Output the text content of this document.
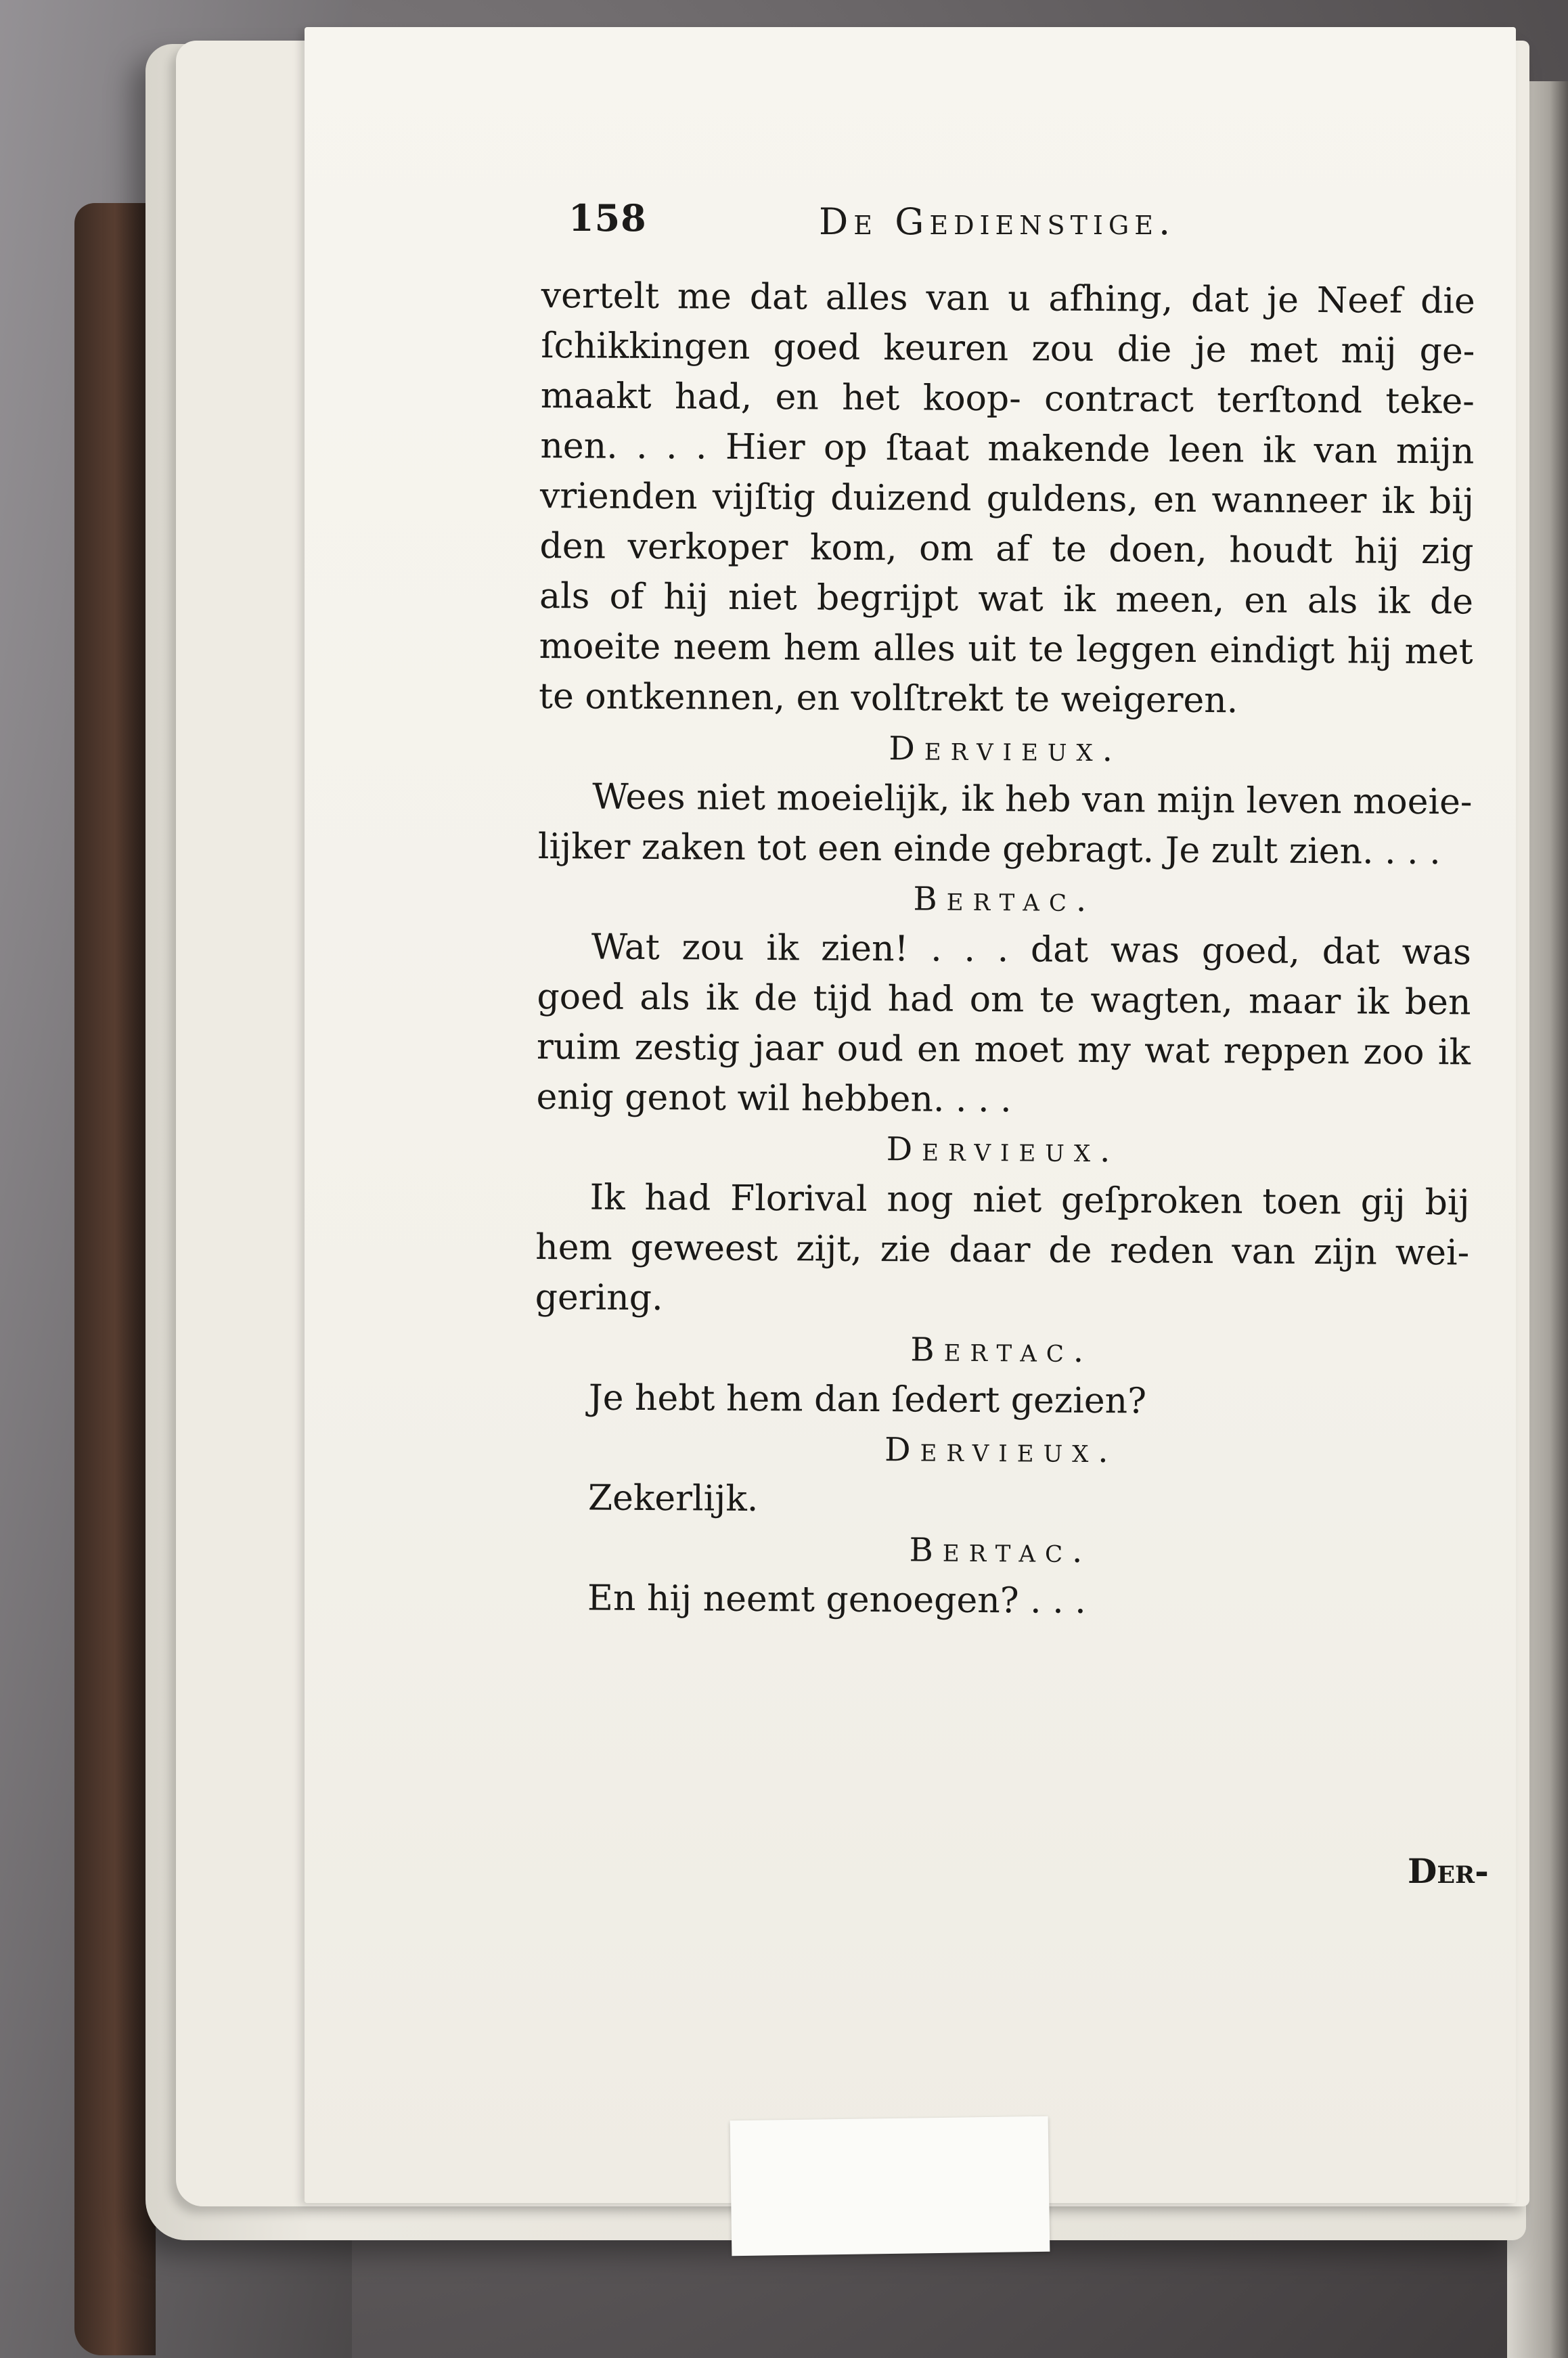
158	De Gedienstige.
vertelt me dat alles van u afhing, dat je Neef die
ſchikkingen goed keuren zou die je met mij ge-
maakt had, en het koop- contract terſtond teke-
nen. . . . Hier op ſtaat makende leen ik van mijn
vrienden vijſtig duizend guldens, en wanneer ik bij
den verkoper kom, om af te doen, houdt hij zig
als of hij niet begrijpt wat ik meen, en als ik de
moeite neem hem alles uit te leggen eindigt hij met
te ontkennen, en volſtrekt te weigeren.
Dervieux.
Wees niet moeielijk, ik heb van mijn leven moeie-
lijker zaken tot een einde gebragt. Je zult zien. . . .
Bertac.
Wat zou ik zien! . . . dat was goed, dat was
goed als ik de tijd had om te wagten, maar ik ben
ruim zestig jaar oud en moet my wat reppen zoo ik
enig genot wil hebben. . . .
Dervieux.
Ik had Florival nog niet geſproken toen gij bij
hem geweest zijt, zie daar de reden van zijn wei-
gering.
Bertac.
Je hebt hem dan ſedert gezien?
Dervieux.
Zekerlijk.
Bertac.
En hij neemt genoegen? . . .
Der-
